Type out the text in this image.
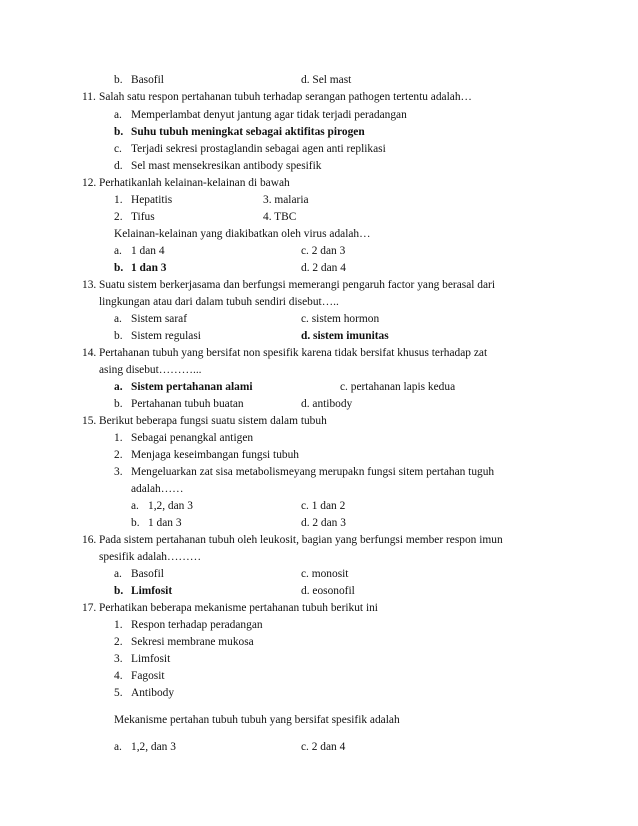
b. Basofil	d. Sel mast
11. Salah satu respon pertahanan tubuh terhadap serangan pathogen tertentu adalah…
a. Memperlambat denyut jantung agar tidak terjadi peradangan
b. Suhu tubuh meningkat sebagai aktifitas pirogen
c. Terjadi sekresi prostaglandin sebagai agen anti replikasi
d. Sel mast mensekresikan antibody spesifik
12. Perhatikanlah kelainan-kelainan di bawah
1. Hepatitis	3. malaria
2. Tifus	4. TBC
Kelainan-kelainan yang diakibatkan oleh virus adalah…
a. 1 dan 4	c. 2 dan 3
b. 1 dan 3	d. 2 dan 4
13. Suatu sistem berkerjasama dan berfungsi memerangi pengaruh factor yang berasal dari
lingkungan atau dari dalam tubuh sendiri disebut…..
a. Sistem saraf	c. sistem hormon
b. Sistem regulasi	d. sistem imunitas
14. Pertahanan tubuh yang bersifat non spesifik karena tidak bersifat khusus terhadap zat
asing disebut………...
a. Sistem pertahanan alami	c. pertahanan lapis kedua
b. Pertahanan tubuh buatan	d. antibody
15. Berikut beberapa fungsi suatu sistem dalam tubuh
1. Sebagai penangkal antigen
2. Menjaga keseimbangan fungsi tubuh
3. Mengeluarkan zat sisa metabolismeyang merupakn fungsi sitem pertahan tuguh
adalah……
a. 1,2, dan 3	c. 1 dan 2
b. 1 dan 3	d. 2 dan 3
16. Pada sistem pertahanan tubuh oleh leukosit, bagian yang berfungsi member respon imun
spesifik adalah………
a. Basofil	c. monosit
b. Limfosit	d. eosonofil
17. Perhatikan beberapa mekanisme pertahanan tubuh berikut ini
1. Respon terhadap peradangan
2. Sekresi membrane mukosa
3. Limfosit
4. Fagosit
5. Antibody
Mekanisme pertahan tubuh tubuh yang bersifat spesifik adalah
a. 1,2, dan 3	c. 2 dan 4
